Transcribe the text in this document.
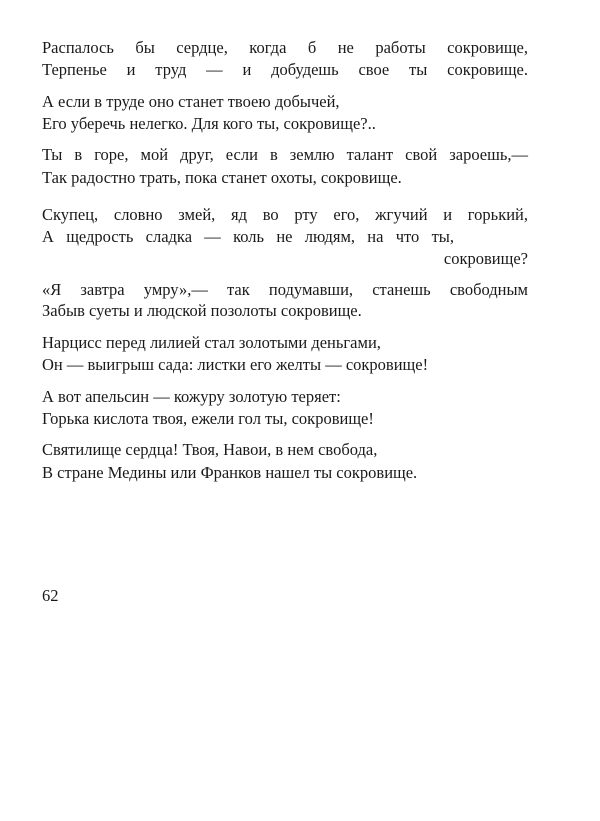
Распалось бы сердце, когда б не работы сокровище,
Терпенье и труд — и добудешь свое ты сокровище.
А если в труде оно станет твоею добычей,
Его уберечь нелегко. Для кого ты, сокровище?..
Ты в горе, мой друг, если в землю талант свой зароешь,—
Так радостно трать, пока станет охоты, сокровище.
Скупец, словно змей, яд во рту его, жгучий и горький,
А щедрость сладка — коль не людям, на что ты,
сокровище?
«Я завтра умру»,— так подумавши, станешь свободным
Забыв суеты и людской позолоты сокровище.
Нарцисс перед лилией стал золотыми деньгами,
Он — выигрыш сада: листки его желты — сокровище!
А вот апельсин — кожуру золотую теряет:
Горька кислота твоя, ежели гол ты, сокровище!
Святилище сердца! Твоя, Навои, в нем свобода,
В стране Медины или Франков нашел ты сокровище.
62
